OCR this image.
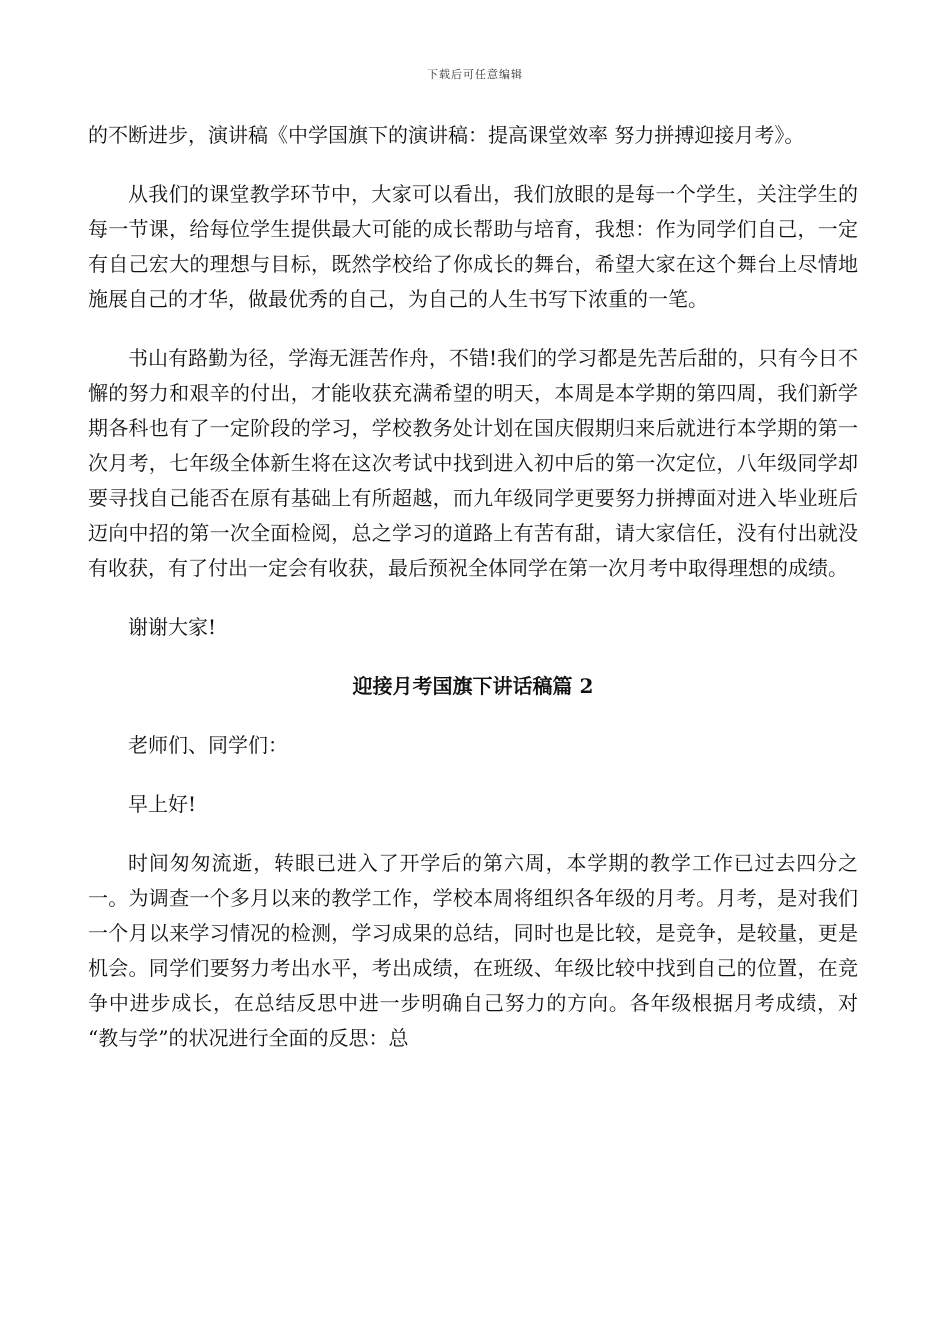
下载后可任意编辑

的不断进步，演讲稿《中学国旗下的演讲稿：提高课堂效率 努力拼搏迎接月考》。

从我们的课堂教学环节中，大家可以看出，我们放眼的是每一个学生，关注学生的每一节课，给每位学生提供最大可能的成长帮助与培育，我想：作为同学们自己，一定有自己宏大的理想与目标，既然学校给了你成长的舞台，希望大家在这个舞台上尽情地施展自己的才华，做最优秀的自己，为自己的人生书写下浓重的一笔。

书山有路勤为径，学海无涯苦作舟，不错!我们的学习都是先苦后甜的，只有今日不懈的努力和艰辛的付出，才能收获充满希望的明天，本周是本学期的第四周，我们新学期各科也有了一定阶段的学习，学校教务处计划在国庆假期归来后就进行本学期的第一次月考，七年级全体新生将在这次考试中找到进入初中后的第一次定位，八年级同学却要寻找自己能否在原有基础上有所超越，而九年级同学更要努力拼搏面对进入毕业班后迈向中招的第一次全面检阅，总之学习的道路上有苦有甜，请大家信任，没有付出就没有收获，有了付出一定会有收获，最后预祝全体同学在第一次月考中取得理想的成绩。

谢谢大家!

迎接月考国旗下讲话稿篇 2

老师们、同学们：

早上好!

时间匆匆流逝，转眼已进入了开学后的第六周，本学期的教学工作已过去四分之一。为调查一个多月以来的教学工作，学校本周将组织各年级的月考。月考，是对我们一个月以来学习情况的检测，学习成果的总结，同时也是比较，是竞争，是较量，更是机会。同学们要努力考出水平，考出成绩，在班级、年级比较中找到自己的位置，在竞争中进步成长，在总结反思中进一步明确自己努力的方向。各年级根据月考成绩，对 “教与学”的状况进行全面的反思：总
